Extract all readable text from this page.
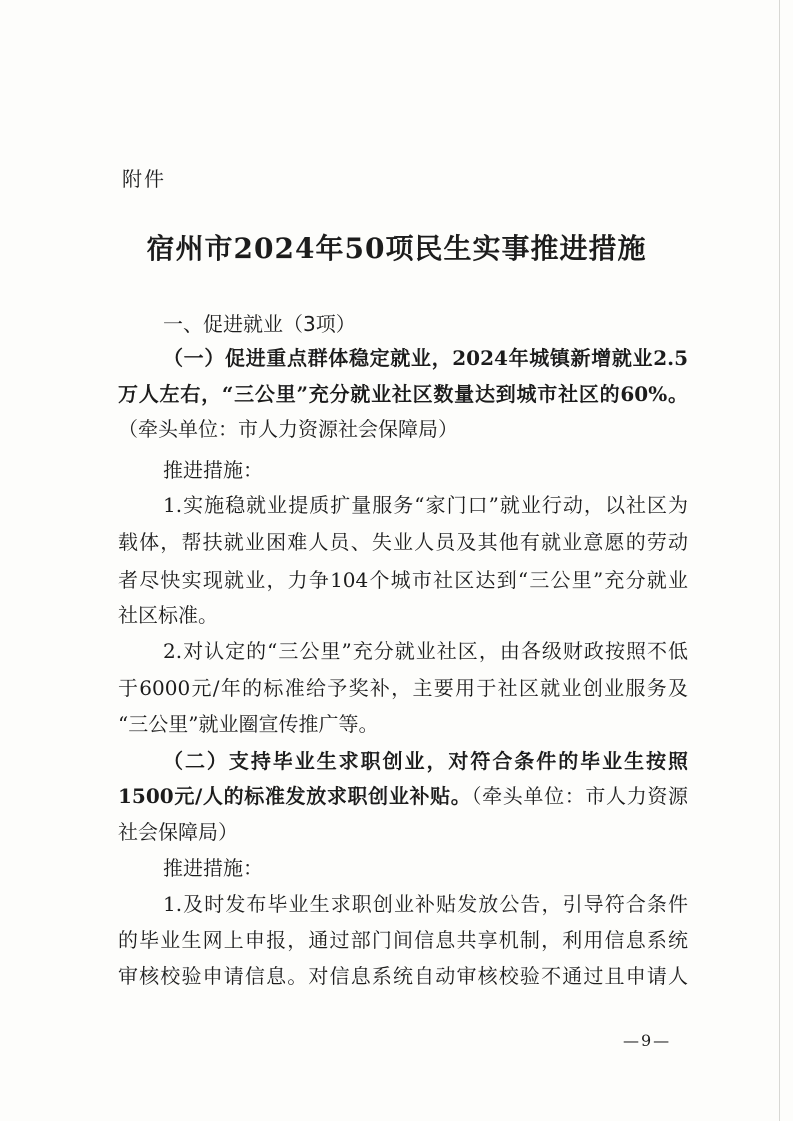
附件
宿州市2024年50项民生实事推进措施
一、促进就业（3项）
（一）促进重点群体稳定就业，2024年城镇新增就业2.5
万人左右，“三公里”充分就业社区数量达到城市社区的60%。
（牵头单位：市人力资源社会保障局）
推进措施：
1.实施稳就业提质扩量服务“家门口”就业行动，以社区为
载体，帮扶就业困难人员、失业人员及其他有就业意愿的劳动
者尽快实现就业，力争104个城市社区达到“三公里”充分就业
社区标准。
2.对认定的“三公里”充分就业社区，由各级财政按照不低
于6000元/年的标准给予奖补，主要用于社区就业创业服务及
“三公里”就业圈宣传推广等。
（二）支持毕业生求职创业，对符合条件的毕业生按照
1500元/人的标准发放求职创业补贴。（牵头单位：市人力资源
社会保障局）
推进措施：
1.及时发布毕业生求职创业补贴发放公告，引导符合条件
的毕业生网上申报，通过部门间信息共享机制，利用信息系统
审核校验申请信息。对信息系统自动审核校验不通过且申请人
—9—
